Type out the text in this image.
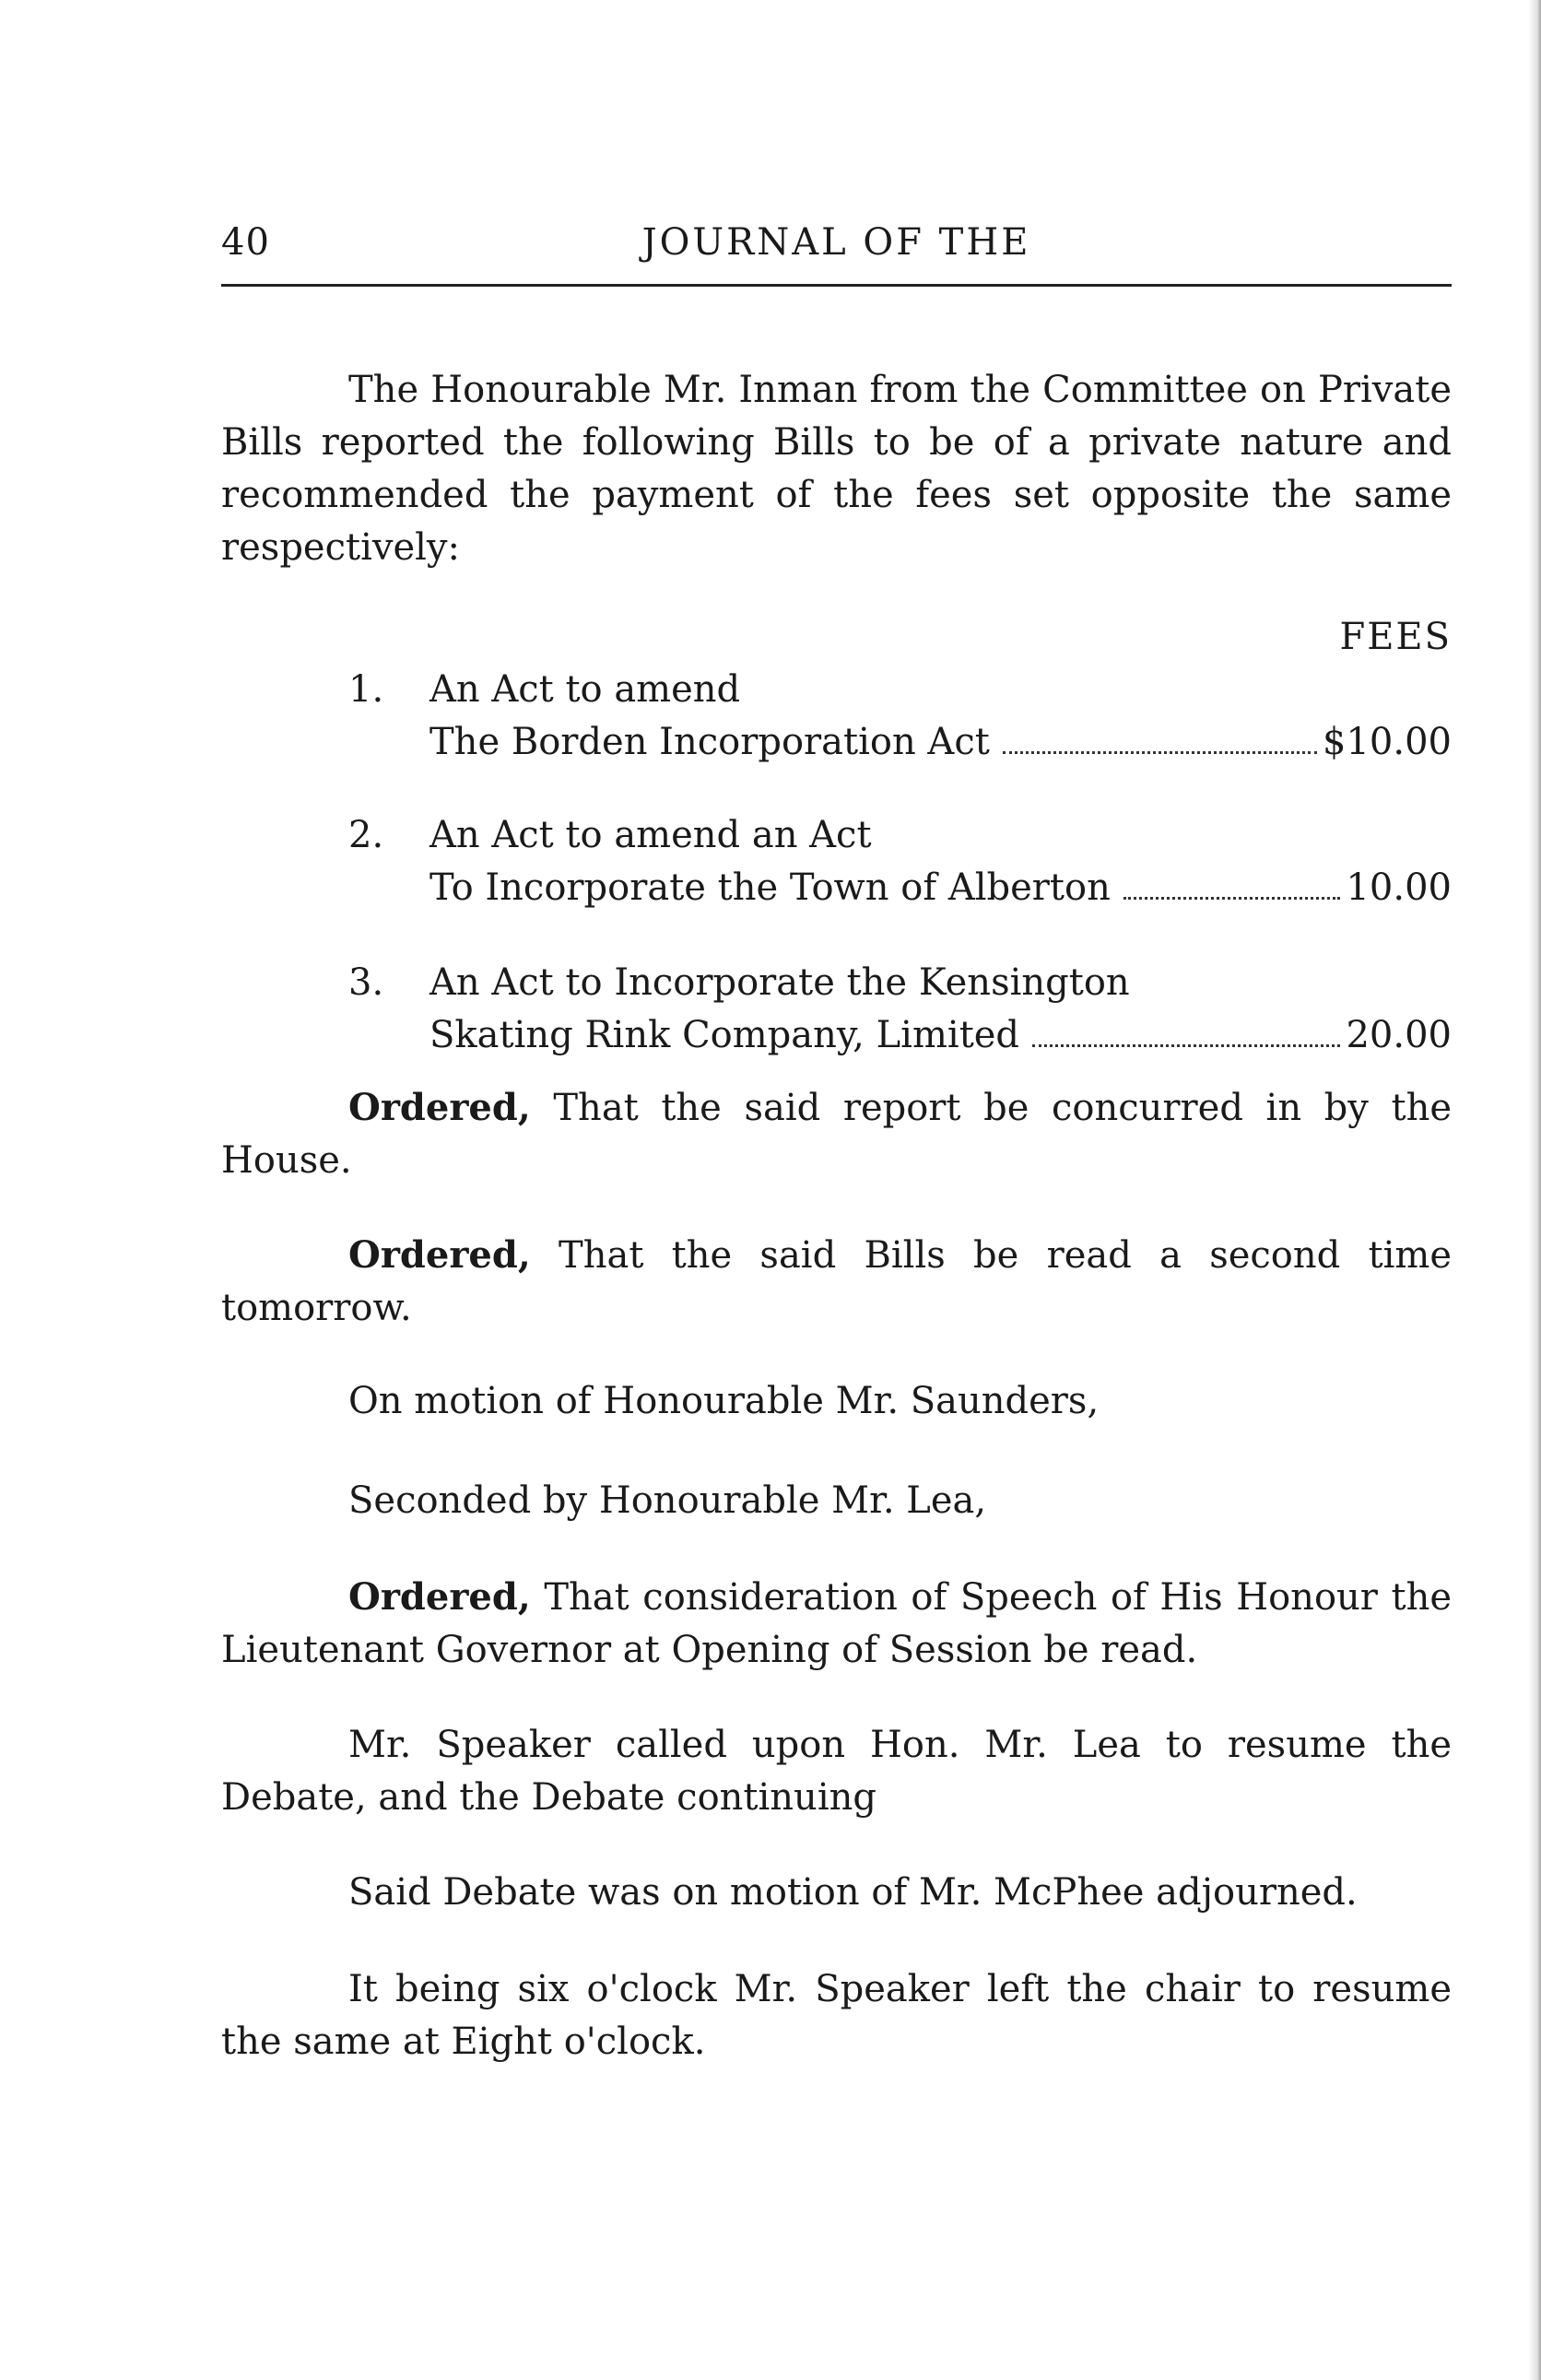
40	JOURNAL OF THE

The Honourable Mr. Inman from the Committee on Private Bills reported the following Bills to be of a private nature and recommended the payment of the fees set opposite the same respectively:

FEES
1.	An Act to amend
The Borden Incorporation Act	$10.00
2.	An Act to amend an Act
To Incorporate the Town of Alberton	10.00
3.	An Act to Incorporate the Kensington
Skating Rink Company, Limited	20.00

Ordered, That the said report be concurred in by the House.

Ordered, That the said Bills be read a second time tomorrow.

On motion of Honourable Mr. Saunders,

Seconded by Honourable Mr. Lea,

Ordered, That consideration of Speech of His Honour the Lieutenant Governor at Opening of Session be read.

Mr. Speaker called upon Hon. Mr. Lea to resume the Debate, and the Debate continuing

Said Debate was on motion of Mr. McPhee adjourned.

It being six o'clock Mr. Speaker left the chair to resume the same at Eight o'clock.
